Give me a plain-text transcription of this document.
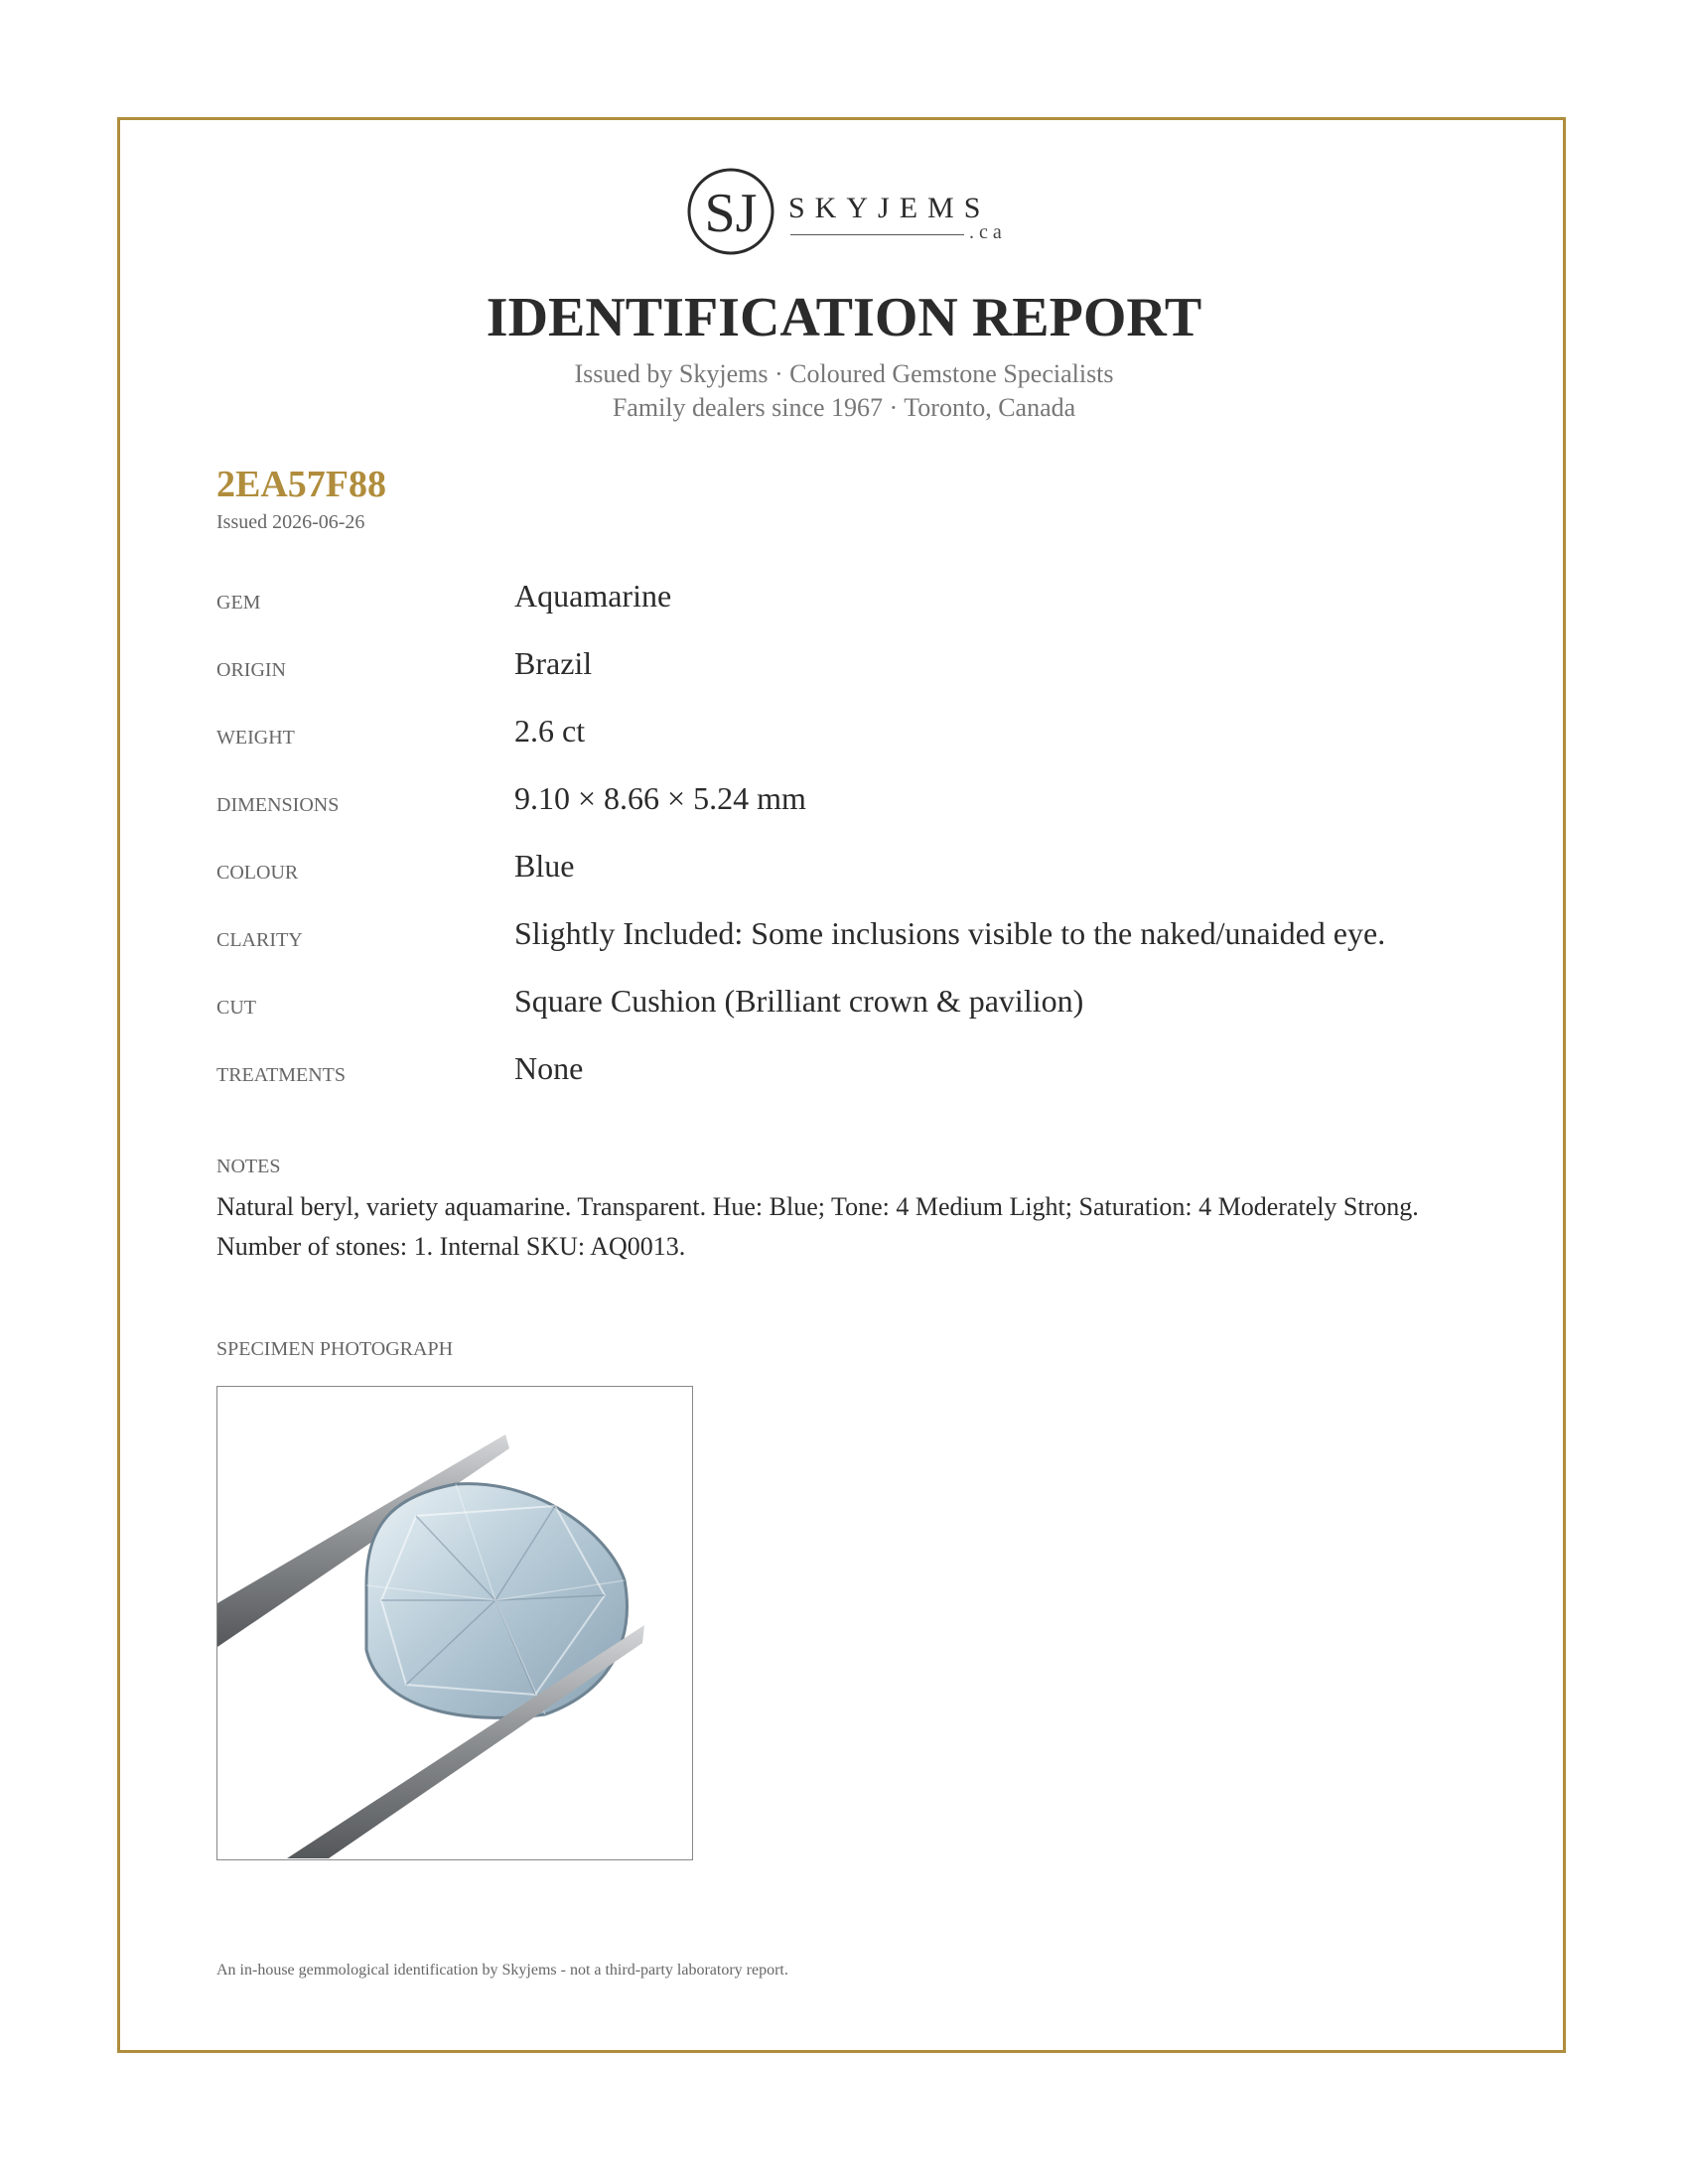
SJ SKYJEMS
.ca
IDENTIFICATION REPORT
Issued by Skyjems · Coloured Gemstone Specialists
Family dealers since 1967 · Toronto, Canada
2EA57F88
Issued 2026-06-26
GEM	Aquamarine
ORIGIN	Brazil
WEIGHT	2.6 ct
DIMENSIONS	9.10 × 8.66 × 5.24 mm
COLOUR	Blue
CLARITY	Slightly Included: Some inclusions visible to the naked/unaided eye.
CUT	Square Cushion (Brilliant crown & pavilion)
TREATMENTS	None
NOTES
Natural beryl, variety aquamarine. Transparent. Hue: Blue; Tone: 4 Medium Light; Saturation: 4 Moderately Strong. Number of stones: 1. Internal SKU: AQ0013.
SPECIMEN PHOTOGRAPH
An in-house gemmological identification by Skyjems - not a third-party laboratory report.
